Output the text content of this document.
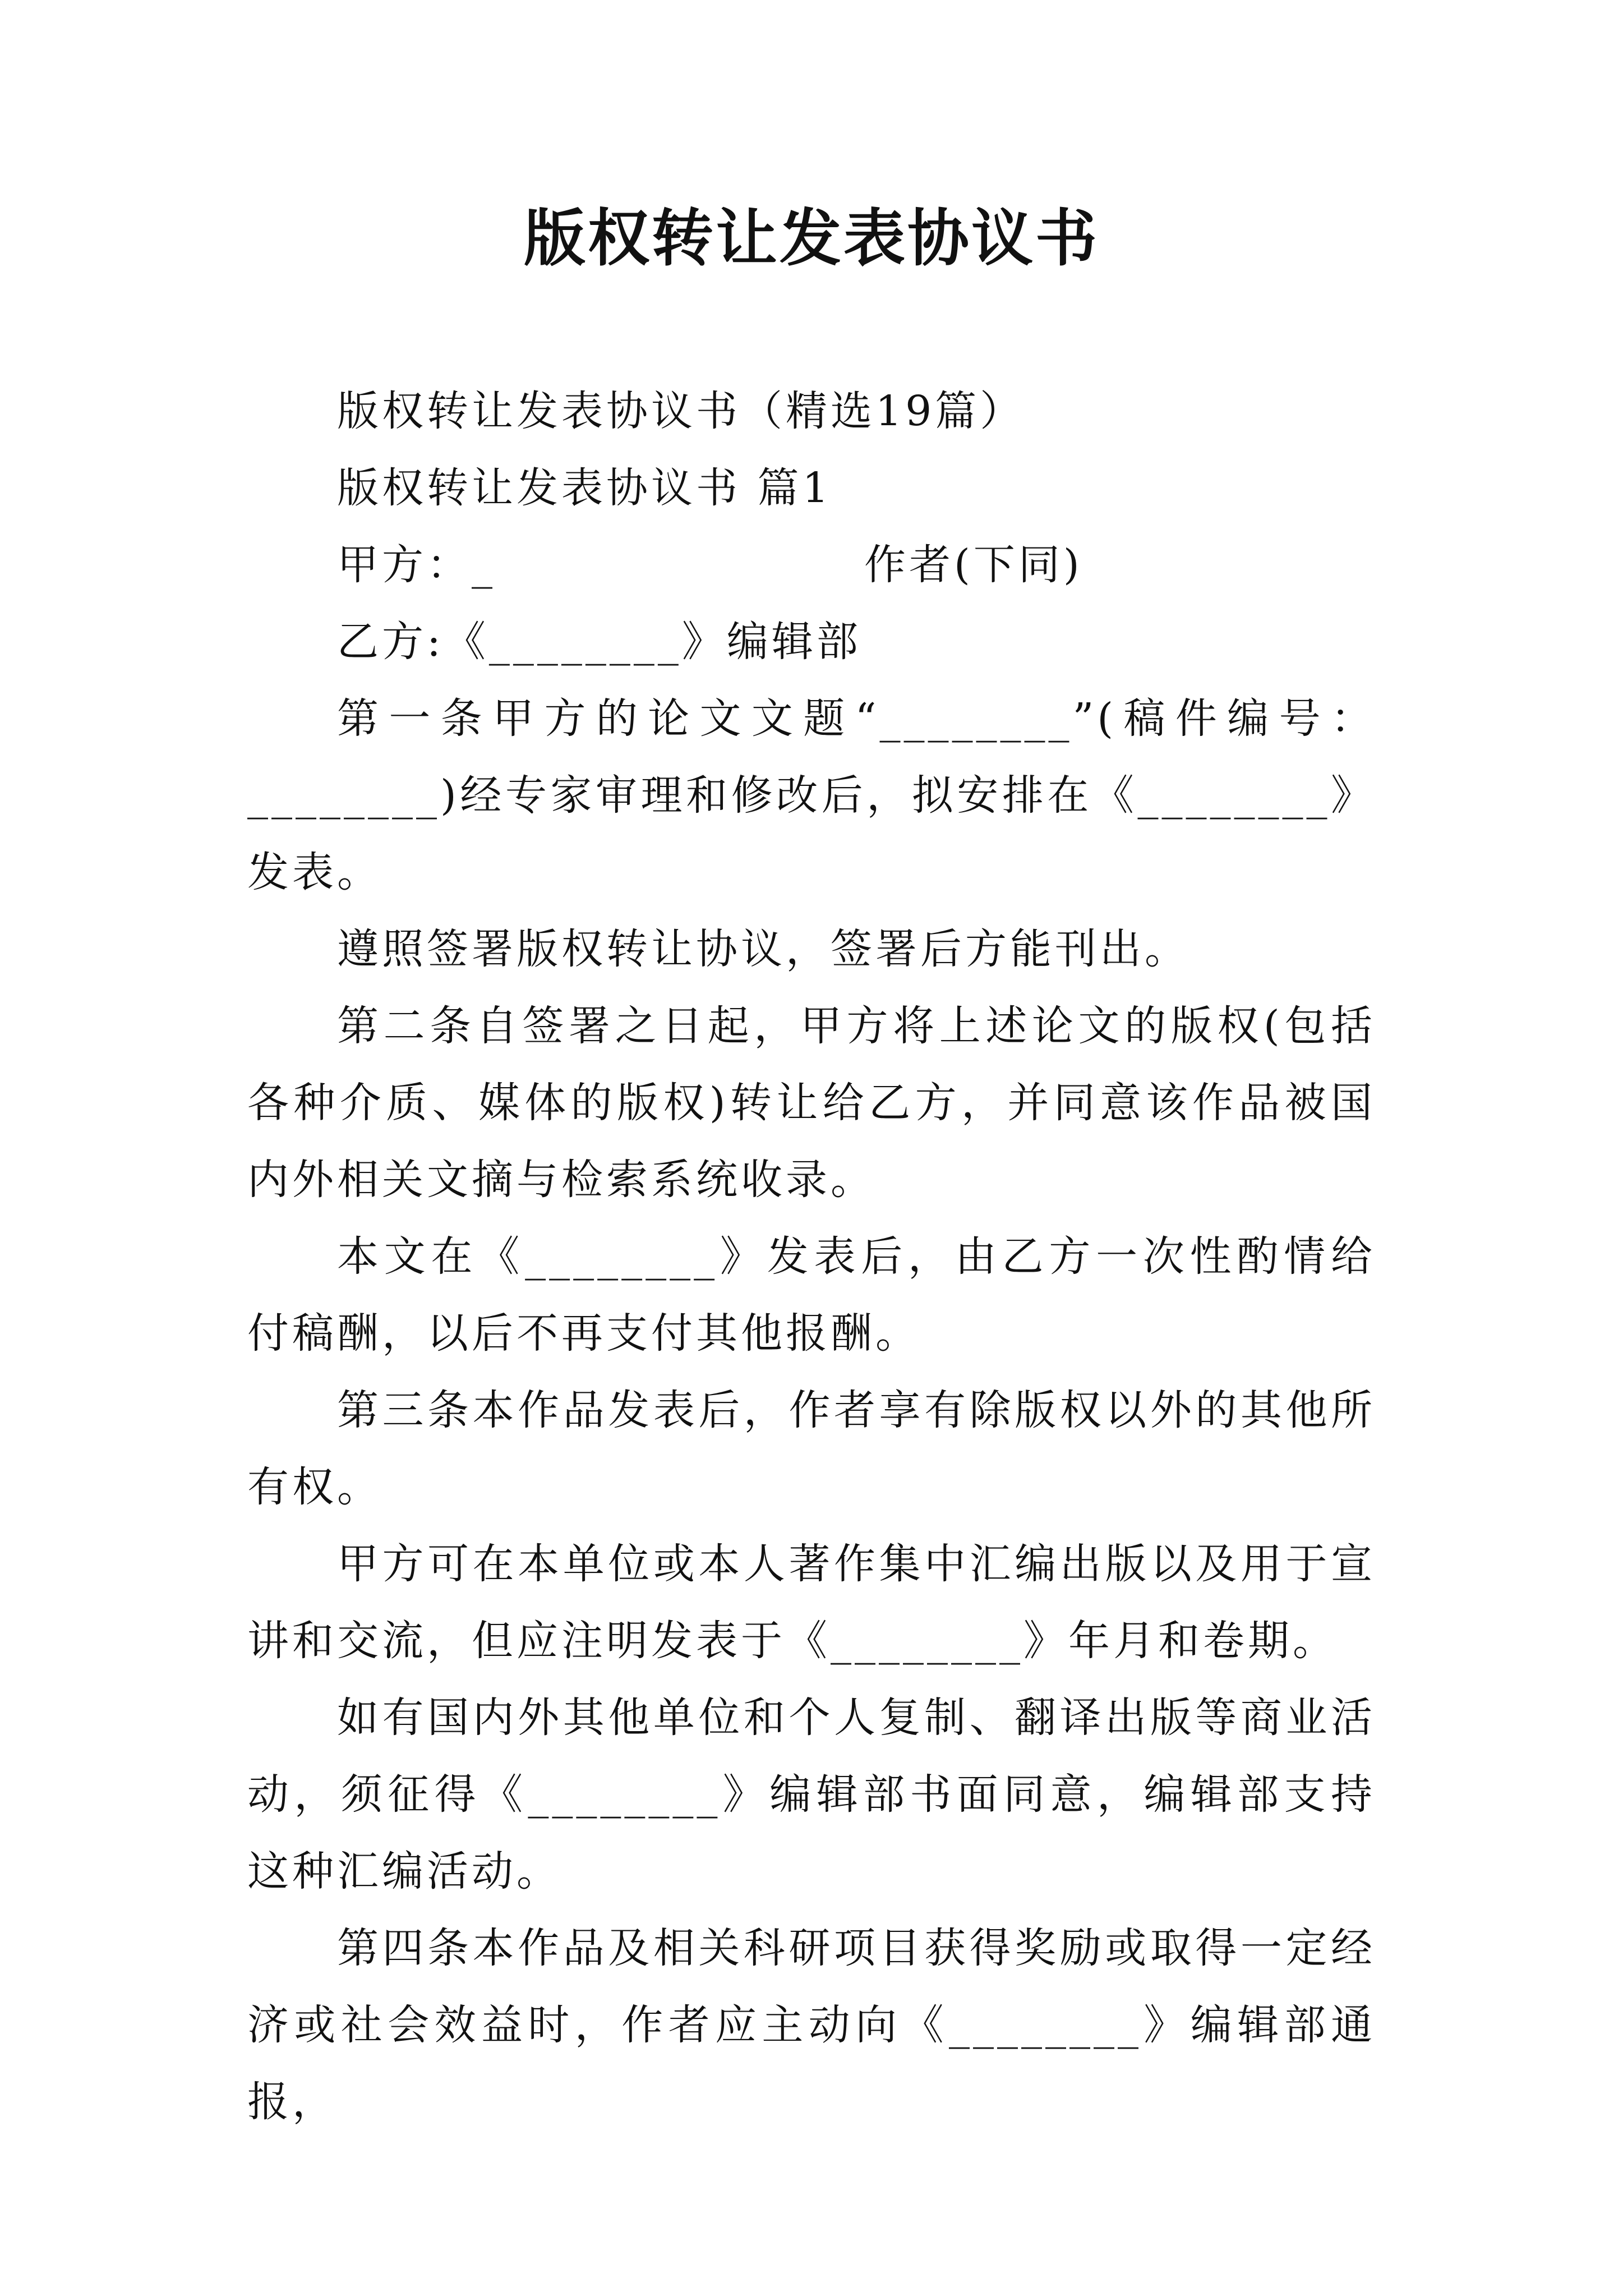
版权转让发表协议书

版权转让发表协议书（精选19篇）

版权转让发表协议书 篇1

甲方：_	作者(下同)

乙方:《________》编辑部

第一条甲方的论文文题“________”(稿件编号：________)经专家审理和修改后，拟安排在《________》发表。

遵照签署版权转让协议，签署后方能刊出。

第二条自签署之日起，甲方将上述论文的版权(包括各种介质、媒体的版权)转让给乙方，并同意该作品被国内外相关文摘与检索系统收录。

本文在《________》发表后，由乙方一次性酌情给付稿酬，以后不再支付其他报酬。

第三条本作品发表后，作者享有除版权以外的其他所有权。

甲方可在本单位或本人著作集中汇编出版以及用于宣讲和交流，但应注明发表于《________》年月和卷期。

如有国内外其他单位和个人复制、翻译出版等商业活动，须征得《________》编辑部书面同意，编辑部支持这种汇编活动。

第四条本作品及相关科研项目获得奖励或取得一定经济或社会效益时，作者应主动向《________》编辑部通报，
